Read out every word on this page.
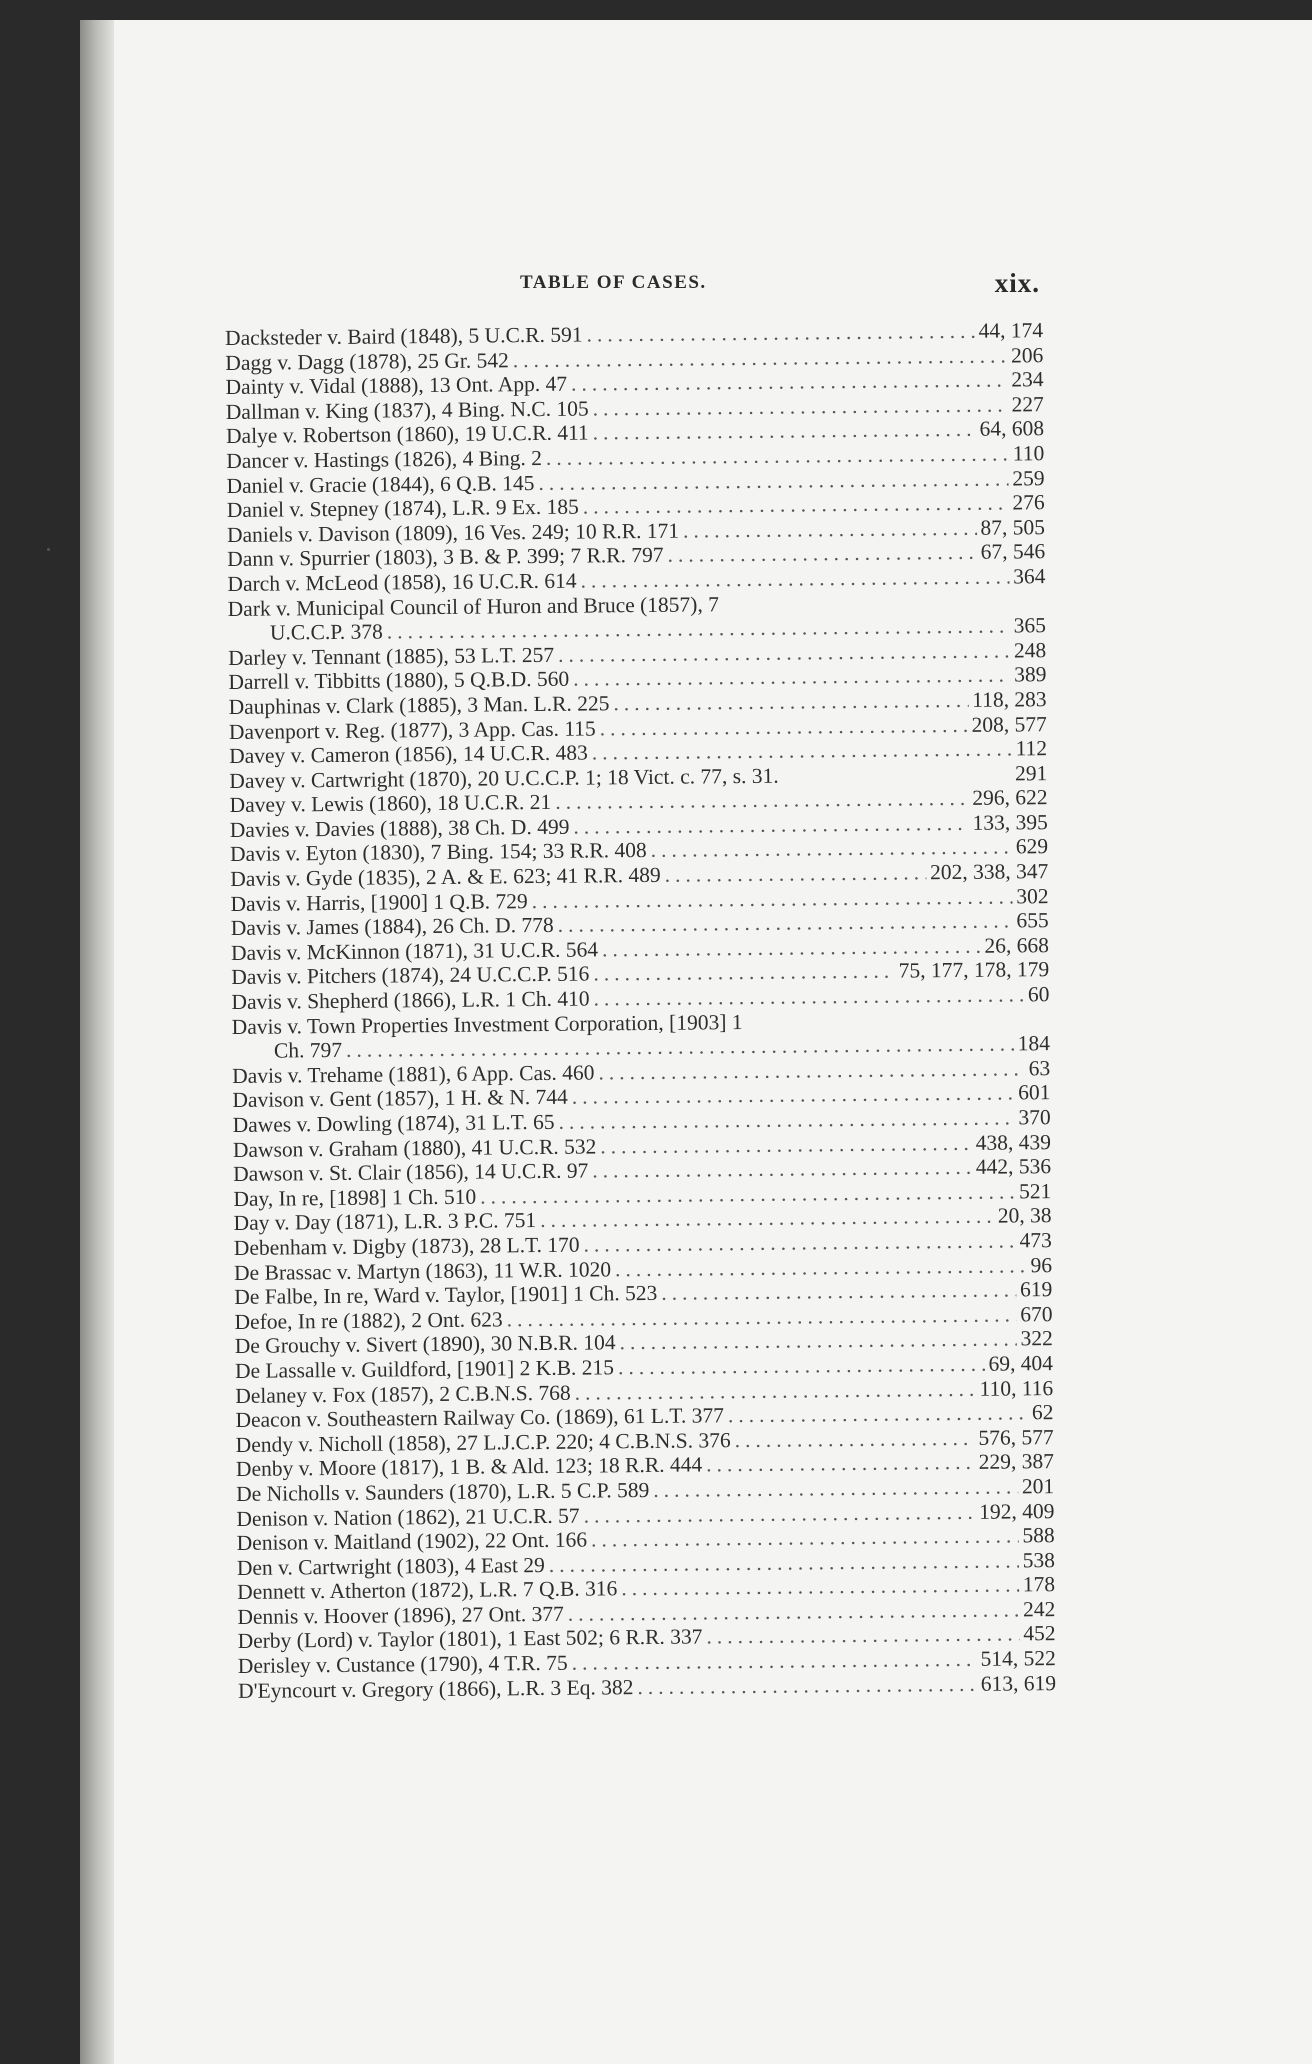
TABLE OF CASES.	xix.
Dacksteder v. Baird (1848), 5 U.C.R. 591 .....	44, 174
Dagg v. Dagg (1878), 25 Gr. 542 .....	206
Dainty v. Vidal (1888), 13 Ont. App. 47 .....	234
Dallman v. King (1837), 4 Bing. N.C. 105 .....	227
Dalye v. Robertson (1860), 19 U.C.R. 411 .....	64, 608
Dancer v. Hastings (1826), 4 Bing. 2 .....	110
Daniel v. Gracie (1844), 6 Q.B. 145 .....	259
Daniel v. Stepney (1874), L.R. 9 Ex. 185 .....	276
Daniels v. Davison (1809), 16 Ves. 249; 10 R.R. 171 .....	87, 505
Dann v. Spurrier (1803), 3 B. & P. 399; 7 R.R. 797 .....	67, 546
Darch v. McLeod (1858), 16 U.C.R. 614 .....	364
Dark v. Municipal Council of Huron and Bruce (1857), 7
U.C.C.P. 378 .....	365
Darley v. Tennant (1885), 53 L.T. 257 .....	248
Darrell v. Tibbitts (1880), 5 Q.B.D. 560 .....	389
Dauphinas v. Clark (1885), 3 Man. L.R. 225 .....	118, 283
Davenport v. Reg. (1877), 3 App. Cas. 115 .....	208, 577
Davey v. Cameron (1856), 14 U.C.R. 483 .....	112
Davey v. Cartwright (1870), 20 U.C.C.P. 1; 18 Vict. c. 77, s. 31.	291
Davey v. Lewis (1860), 18 U.C.R. 21 .....	296, 622
Davies v. Davies (1888), 38 Ch. D. 499 .....	133, 395
Davis v. Eyton (1830), 7 Bing. 154; 33 R.R. 408 .....	629
Davis v. Gyde (1835), 2 A. & E. 623; 41 R.R. 489 .....	202, 338, 347
Davis v. Harris, [1900] 1 Q.B. 729 .....	302
Davis v. James (1884), 26 Ch. D. 778 .....	655
Davis v. McKinnon (1871), 31 U.C.R. 564 .....	26, 668
Davis v. Pitchers (1874), 24 U.C.C.P. 516 .....	75, 177, 178, 179
Davis v. Shepherd (1866), L.R. 1 Ch. 410 .....	60
Davis v. Town Properties Investment Corporation, [1903] 1
Ch. 797 .....	184
Davis v. Trehame (1881), 6 App. Cas. 460 .....	63
Davison v. Gent (1857), 1 H. & N. 744 .....	601
Dawes v. Dowling (1874), 31 L.T. 65 .....	370
Dawson v. Graham (1880), 41 U.C.R. 532 .....	438, 439
Dawson v. St. Clair (1856), 14 U.C.R. 97 .....	442, 536
Day, In re, [1898] 1 Ch. 510 .....	521
Day v. Day (1871), L.R. 3 P.C. 751 .....	20, 38
Debenham v. Digby (1873), 28 L.T. 170 .....	473
De Brassac v. Martyn (1863), 11 W.R. 1020 .....	96
De Falbe, In re, Ward v. Taylor, [1901] 1 Ch. 523 .....	619
Defoe, In re (1882), 2 Ont. 623 .....	670
De Grouchy v. Sivert (1890), 30 N.B.R. 104 .....	322
De Lassalle v. Guildford, [1901] 2 K.B. 215 .....	69, 404
Delaney v. Fox (1857), 2 C.B.N.S. 768 .....	110, 116
Deacon v. Southeastern Railway Co. (1869), 61 L.T. 377 .....	62
Dendy v. Nicholl (1858), 27 L.J.C.P. 220; 4 C.B.N.S. 376 .....	576, 577
Denby v. Moore (1817), 1 B. & Ald. 123; 18 R.R. 444 .....	229, 387
De Nicholls v. Saunders (1870), L.R. 5 C.P. 589 .....	201
Denison v. Nation (1862), 21 U.C.R. 57 .....	192, 409
Denison v. Maitland (1902), 22 Ont. 166 .....	588
Den v. Cartwright (1803), 4 East 29 .....	538
Dennett v. Atherton (1872), L.R. 7 Q.B. 316 .....	178
Dennis v. Hoover (1896), 27 Ont. 377 .....	242
Derby (Lord) v. Taylor (1801), 1 East 502; 6 R.R. 337 .....	452
Derisley v. Custance (1790), 4 T.R. 75 .....	514, 522
D'Eyncourt v. Gregory (1866), L.R. 3 Eq. 382 .....	613, 619
